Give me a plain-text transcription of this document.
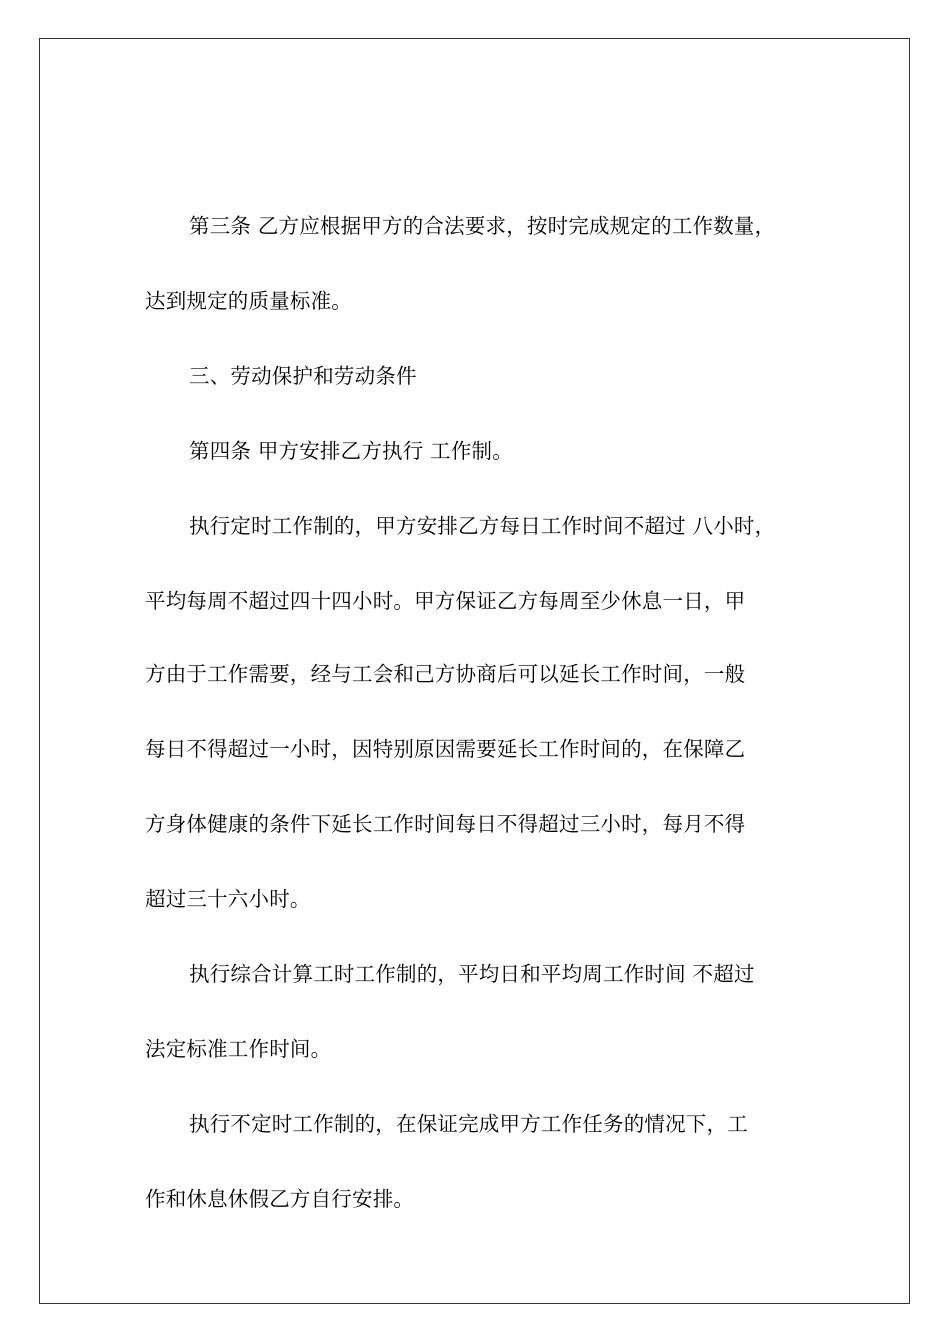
第三条 乙方应根据甲方的合法要求，按时完成规定的工作数量，
达到规定的质量标准。
三、劳动保护和劳动条件
第四条 甲方安排乙方执行 工作制。
执行定时工作制的，甲方安排乙方每日工作时间不超过 八小时，
平均每周不超过四十四小时。甲方保证乙方每周至少休息一日，甲
方由于工作需要，经与工会和己方协商后可以延长工作时间，一般
每日不得超过一小时，因特别原因需要延长工作时间的，在保障乙
方身体健康的条件下延长工作时间每日不得超过三小时，每月不得
超过三十六小时。
执行综合计算工时工作制的，平均日和平均周工作时间 不超过
法定标准工作时间。
执行不定时工作制的，在保证完成甲方工作任务的情况下，工
作和休息休假乙方自行安排。
